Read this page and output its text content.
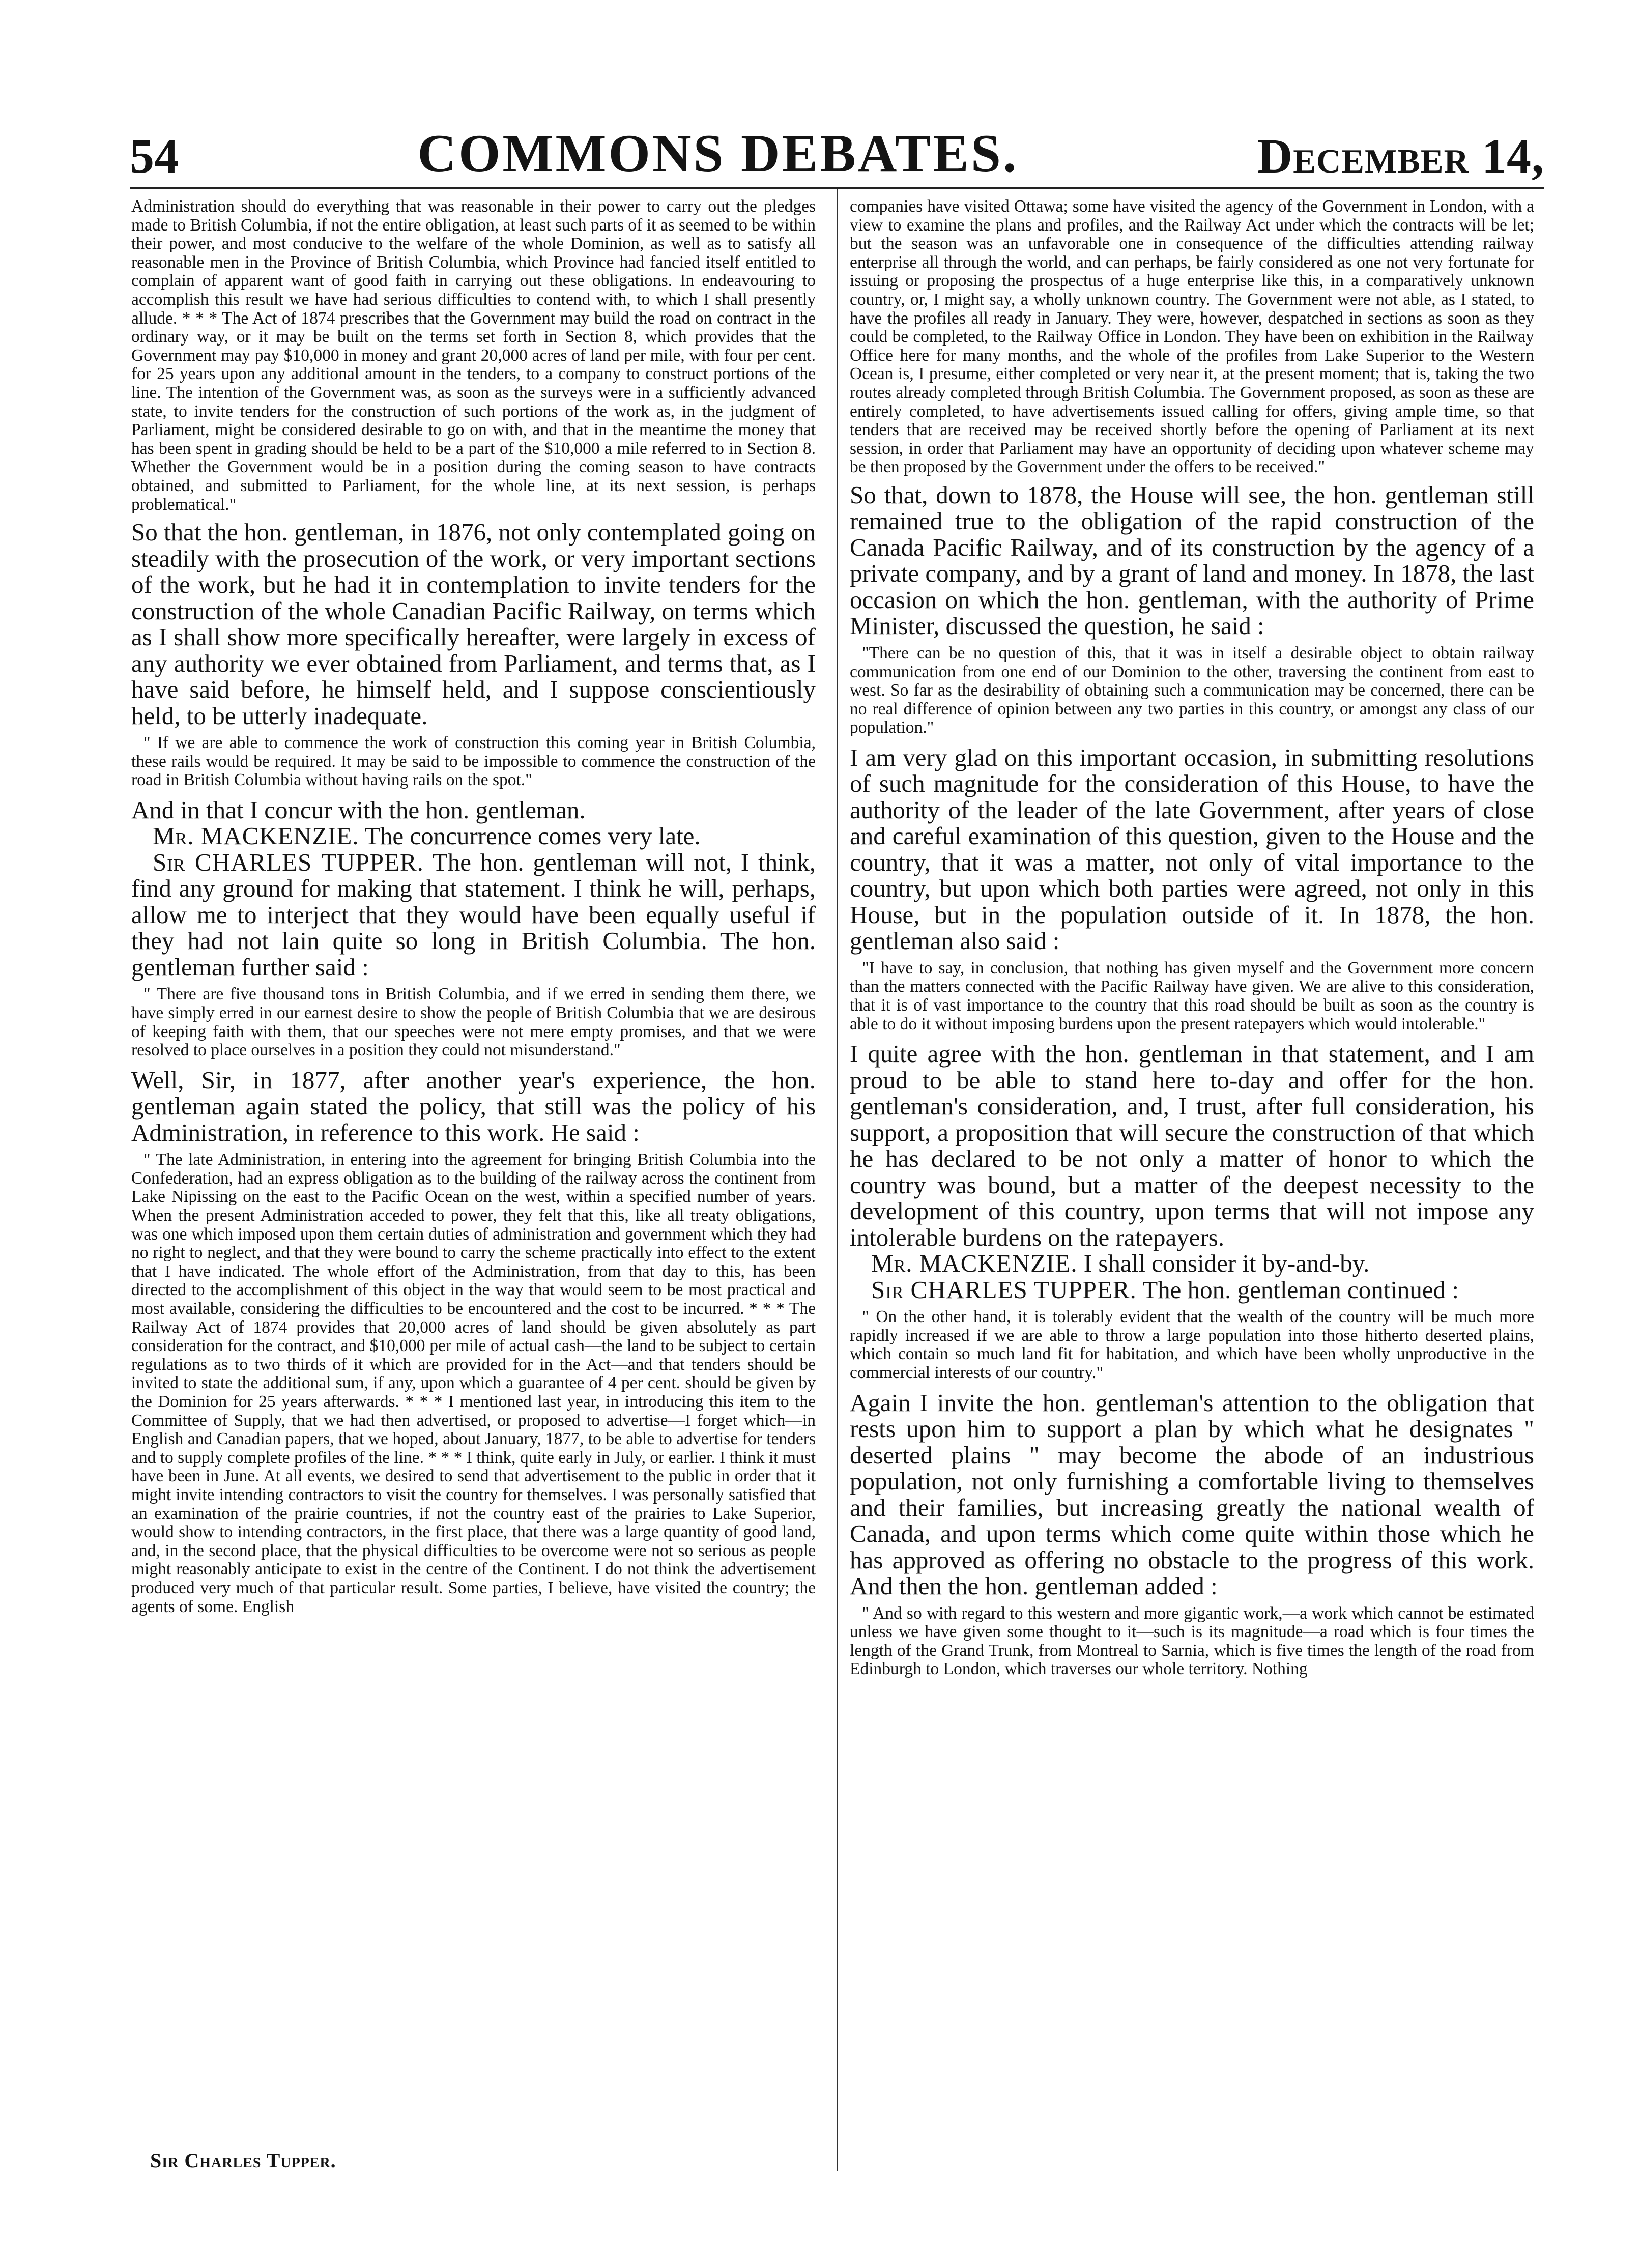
54	COMMONS DEBATES.	December 14,

Administration should do everything that was reasonable in their power to carry out the pledges made to British Columbia, if not the entire obligation, at least such parts of it as seemed to be within their power, and most conducive to the welfare of the whole Dominion, as well as to satisfy all reasonable men in the Province of British Columbia, which Province had fancied itself entitled to complain of apparent want of good faith in carrying out these obligations. In endeavouring to accomplish this result we have had serious difficulties to contend with, to which I shall presently allude. * * * The Act of 1874 prescribes that the Government may build the road on contract in the ordinary way, or it may be built on the terms set forth in Section 8, which provides that the Government may pay $10,000 in money and grant 20,000 acres of land per mile, with four per cent. for 25 years upon any additional amount in the tenders, to a company to construct portions of the line. The intention of the Government was, as soon as the surveys were in a sufficiently advanced state, to invite tenders for the construction of such portions of the work as, in the judgment of Parliament, might be considered desirable to go on with, and that in the meantime the money that has been spent in grading should be held to be a part of the $10,000 a mile referred to in Section 8. Whether the Government would be in a position during the coming season to have contracts obtained, and submitted to Parliament, for the whole line, at its next session, is perhaps problematical."

So that the hon. gentleman, in 1876, not only contemplated going on steadily with the prosecution of the work, or very important sections of the work, but he had it in contemplation to invite tenders for the construction of the whole Canadian Pacific Railway, on terms which as I shall show more specifically hereafter, were largely in excess of any authority we ever obtained from Parliament, and terms that, as I have said before, he himself held, and I suppose conscientiously held, to be utterly inadequate.

" If we are able to commence the work of construction this coming year in British Columbia, these rails would be required. It may be said to be impossible to commence the construction of the road in British Columbia without having rails on the spot."

And in that I concur with the hon. gentleman.

Mr. MACKENZIE. The concurrence comes very late.

Sir CHARLES TUPPER. The hon. gentleman will not, I think, find any ground for making that statement. I think he will, perhaps, allow me to interject that they would have been equally useful if they had not lain quite so long in British Columbia. The hon. gentleman further said :

" There are five thousand tons in British Columbia, and if we erred in sending them there, we have simply erred in our earnest desire to show the people of British Columbia that we are desirous of keeping faith with them, that our speeches were not mere empty promises, and that we were resolved to place ourselves in a position they could not misunderstand."

Well, Sir, in 1877, after another year's experience, the hon. gentleman again stated the policy, that still was the policy of his Administration, in reference to this work. He said :

" The late Administration, in entering into the agreement for bringing British Columbia into the Confederation, had an express obligation as to the building of the railway across the continent from Lake Nipissing on the east to the Pacific Ocean on the west, within a specified number of years. When the present Administration acceded to power, they felt that this, like all treaty obligations, was one which imposed upon them certain duties of administration and government which they had no right to neglect, and that they were bound to carry the scheme practically into effect to the extent that I have indicated. The whole effort of the Administration, from that day to this, has been directed to the accomplishment of this object in the way that would seem to be most practical and most available, considering the difficulties to be encountered and the cost to be incurred. * * * The Railway Act of 1874 provides that 20,000 acres of land should be given absolutely as part consideration for the contract, and $10,000 per mile of actual cash—the land to be subject to certain regulations as to two thirds of it which are provided for in the Act—and that tenders should be invited to state the additional sum, if any, upon which a guarantee of 4 per cent. should be given by the Dominion for 25 years afterwards. * * * I mentioned last year, in introducing this item to the Committee of Supply, that we had then advertised, or proposed to advertise—I forget which—in English and Canadian papers, that we hoped, about January, 1877, to be able to advertise for tenders and to supply complete profiles of the line. * * * I think, quite early in July, or earlier. I think it must have been in June. At all events, we desired to send that advertisement to the public in order that it might invite intending contractors to visit the country for themselves. I was personally satisfied that an examination of the prairie countries, if not the country east of the prairies to Lake Superior, would show to intending contractors, in the first place, that there was a large quantity of good land, and, in the second place, that the physical difficulties to be overcome were not so serious as people might reasonably anticipate to exist in the centre of the Continent. I do not think the advertisement produced very much of that particular result. Some parties, I believe, have visited the country; the agents of some. English

companies have visited Ottawa; some have visited the agency of the Government in London, with a view to examine the plans and profiles, and the Railway Act under which the contracts will be let; but the season was an unfavorable one in consequence of the difficulties attending railway enterprise all through the world, and can perhaps, be fairly considered as one not very fortunate for issuing or proposing the prospectus of a huge enterprise like this, in a comparatively unknown country, or, I might say, a wholly unknown country. The Government were not able, as I stated, to have the profiles all ready in January. They were, however, despatched in sections as soon as they could be completed, to the Railway Office in London. They have been on exhibition in the Railway Office here for many months, and the whole of the profiles from Lake Superior to the Western Ocean is, I presume, either completed or very near it, at the present moment; that is, taking the two routes already completed through British Columbia. The Government proposed, as soon as these are entirely completed, to have advertisements issued calling for offers, giving ample time, so that tenders that are received may be received shortly before the opening of Parliament at its next session, in order that Parliament may have an opportunity of deciding upon whatever scheme may be then proposed by the Government under the offers to be received."

So that, down to 1878, the House will see, the hon. gentleman still remained true to the obligation of the rapid construction of the Canada Pacific Railway, and of its construction by the agency of a private company, and by a grant of land and money. In 1878, the last occasion on which the hon. gentleman, with the authority of Prime Minister, discussed the question, he said :

"There can be no question of this, that it was in itself a desirable object to obtain railway communication from one end of our Dominion to the other, traversing the continent from east to west. So far as the desirability of obtaining such a communication may be concerned, there can be no real difference of opinion between any two parties in this country, or amongst any class of our population."

I am very glad on this important occasion, in submitting resolutions of such magnitude for the consideration of this House, to have the authority of the leader of the late Government, after years of close and careful examination of this question, given to the House and the country, that it was a matter, not only of vital importance to the country, but upon which both parties were agreed, not only in this House, but in the population outside of it. In 1878, the hon. gentleman also said :

"I have to say, in conclusion, that nothing has given myself and the Government more concern than the matters connected with the Pacific Railway have given. We are alive to this consideration, that it is of vast importance to the country that this road should be built as soon as the country is able to do it without imposing burdens upon the present ratepayers which would intolerable."

I quite agree with the hon. gentleman in that statement, and I am proud to be able to stand here to-day and offer for the hon. gentleman's consideration, and, I trust, after full consideration, his support, a proposition that will secure the construction of that which he has declared to be not only a matter of honor to which the country was bound, but a matter of the deepest necessity to the development of this country, upon terms that will not impose any intolerable burdens on the ratepayers.

Mr. MACKENZIE. I shall consider it by-and-by.

Sir CHARLES TUPPER. The hon. gentleman continued :

" On the other hand, it is tolerably evident that the wealth of the country will be much more rapidly increased if we are able to throw a large population into those hitherto deserted plains, which contain so much land fit for habitation, and which have been wholly unproductive in the commercial interests of our country."

Again I invite the hon. gentleman's attention to the obligation that rests upon him to support a plan by which what he designates " deserted plains " may become the abode of an industrious population, not only furnishing a comfortable living to themselves and their families, but increasing greatly the national wealth of Canada, and upon terms which come quite within those which he has approved as offering no obstacle to the progress of this work. And then the hon. gentleman added :

" And so with regard to this western and more gigantic work,—a work which cannot be estimated unless we have given some thought to it—such is its magnitude—a road which is four times the length of the Grand Trunk, from Montreal to Sarnia, which is five times the length of the road from Edinburgh to London, which traverses our whole territory. Nothing

Sir Charles Tupper.
